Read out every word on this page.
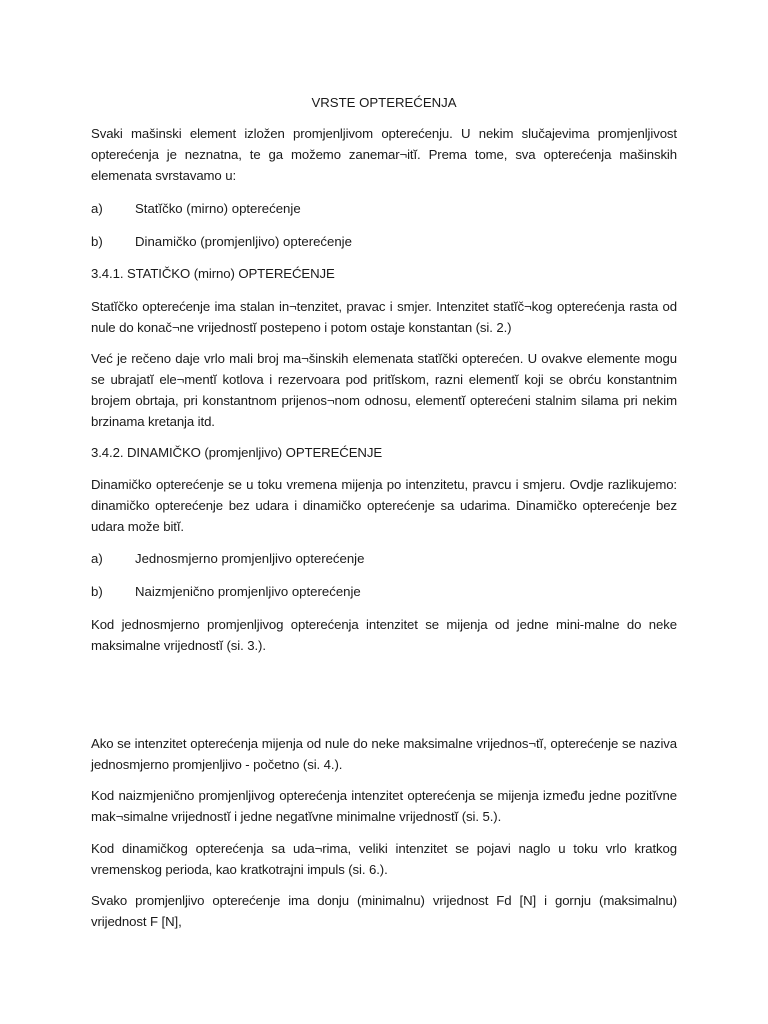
VRSTE OPTEREĆENJA
Svaki mašinski element izložen promjenljivom opterećenju. U nekim slučajevima promjenljivost opterećenja je neznatna, te ga možemo zanemar¬itĭ. Prema tome, sva opterećenja mašinskih elemenata svrstavamo u:
a) Statĭčko (mirno) opterećenje
b) Dinamičko (promjenljivo) opterećenje
3.4.1. STATIČKO (mirno) OPTEREĆENJE
Statĭčko opterećenje ima stalan in¬tenzitet, pravac i smjer. Intenzitet statĭč¬kog opterećenja rasta od nule do konač¬ne vrijednostĭ postepeno i potom ostaje konstantan (si. 2.)
Već je rečeno daje vrlo mali broj ma¬šinskih elemenata statĭčki opterećen. U ovakve elemente mogu se ubrajatĭ ele¬mentĭ kotlova i rezervoara pod pritĭskom, razni elementĭ koji se obrću konstantnim brojem obrtaja, pri konstantnom prijenos¬nom odnosu, elementĭ opterećeni stalnim silama pri nekim brzinama kretanja itd.
3.4.2. DINAMIČKO (promjenljivo) OPTEREĆENJE
Dinamičko opterećenje se u toku vremena mijenja po intenzitetu, pravcu i smjeru. Ovdje razlikujemo: dinamičko opterećenje bez udara i dinamičko opterećenje sa udarima. Dinamičko opterećenje bez udara može bitĭ.
a) Jednosmjerno promjenljivo opterećenje
b) Naizmjenično promjenljivo opterećenje
Kod jednosmjerno promjenljivog opterećenja intenzitet se mijenja od jedne mini-malne do neke maksimalne vrijednostĭ (si. 3.).
Ako se intenzitet opterećenja mijenja od nule do neke maksimalne vrijednos¬tĭ, opterećenje se naziva jednosmjerno promjenljivo - početno (si. 4.).
Kod naizmjenično promjenljivog opterećenja intenzitet opterećenja se mijenja između jedne pozitĭvne mak¬simalne vrijednostĭ i jedne negatĭvne minimalne vrijednostĭ (si. 5.).
Kod dinamičkog opterećenja sa uda¬rima, veliki intenzitet se pojavi naglo u toku vrlo kratkog vremenskog perioda, kao kratkotrajni impuls (si. 6.).
Svako promjenljivo opterećenje ima donju (minimalnu) vrijednost Fd [N] i gornju (maksimalnu) vrijednost F [N],
